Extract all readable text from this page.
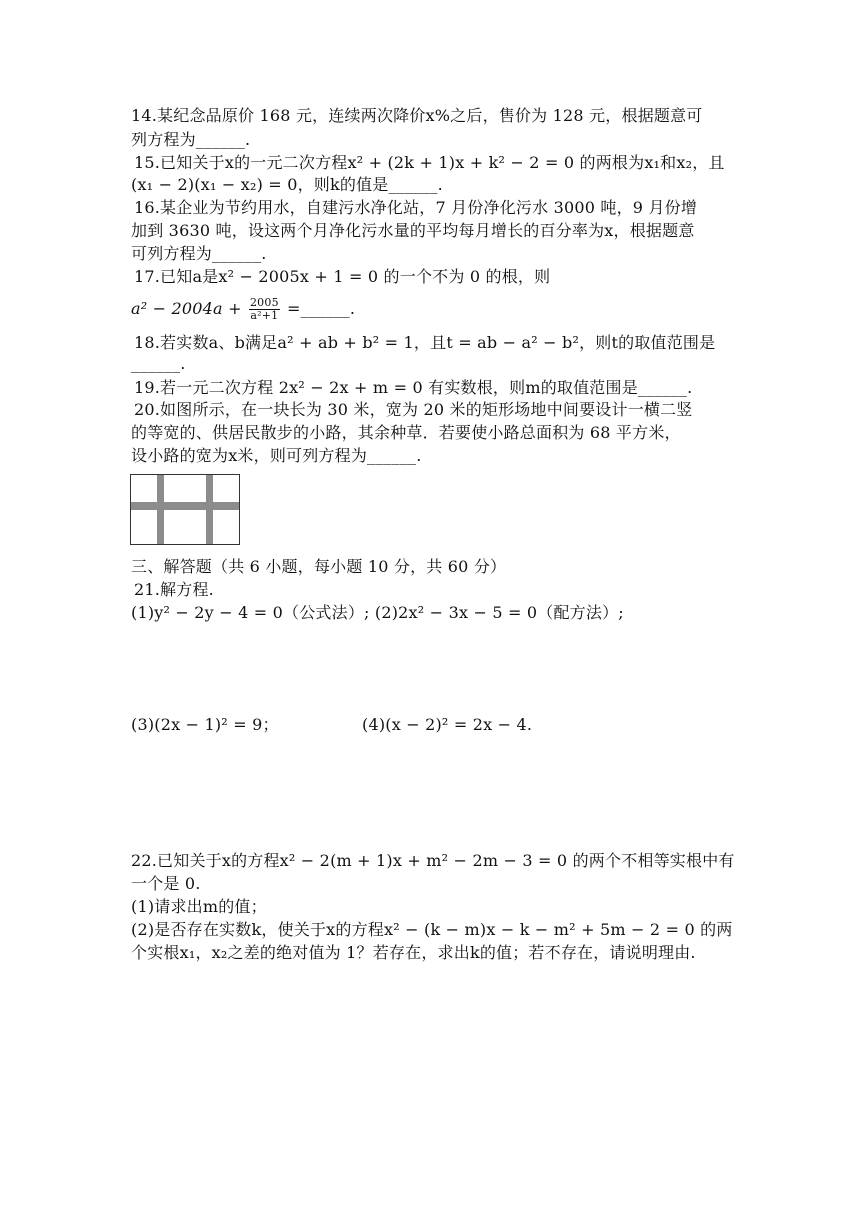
14.某纪念品原价 168 元，连续两次降价x%之后，售价为 128 元，根据题意可
列方程为______.
15.已知关于x的一元二次方程x² + (2k + 1)x + k² − 2 = 0 的两根为x₁和x₂，且
(x₁ − 2)(x₁ − x₂) = 0，则k的值是______.
16.某企业为节约用水，自建污水净化站，7 月份净化污水 3000 吨，9 月份增
加到 3630 吨，设这两个月净化污水量的平均每月增长的百分率为x，根据题意
可列方程为______.
17.已知a是x² − 2005x + 1 = 0 的一个不为 0 的根，则
$a^2 - 2004a + \frac{2005}{\text{a²+1}}$ =______.
18.若实数a、b满足a² + ab + b² = 1，且t = ab − a² − b²，则t的取值范围是
______.
19.若一元二次方程 2x² − 2x + m = 0 有实数根，则m的取值范围是______.
20.如图所示，在一块长为 30 米，宽为 20 米的矩形场地中间要设计一横二竖
的等宽的、供居民散步的小路，其余种草．若要使小路总面积为 68 平方米，
设小路的宽为x米，则可列方程为______.
三、解答题（共 6 小题，每小题 10 分，共 60 分）
21.解方程.
(1)y² − 2y − 4 = 0（公式法）; (2)2x² − 3x − 5 = 0（配方法）;
(3)(2x − 1)² = 9；	(4)(x − 2)² = 2x − 4.
22.已知关于x的方程x² − 2(m + 1)x + m² − 2m − 3 = 0 的两个不相等实根中有
一个是 0.
(1)请求出m的值；
(2)是否存在实数k，使关于x的方程x² − (k − m)x − k − m² + 5m − 2 = 0 的两
个实根x₁，x₂之差的绝对值为 1？若存在，求出k的值；若不存在，请说明理由.
